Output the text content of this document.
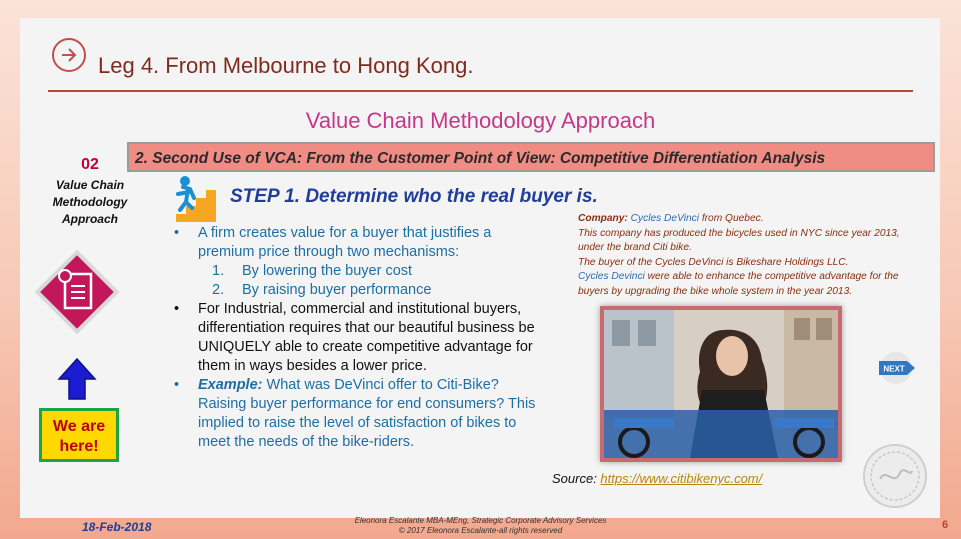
Leg 4. From Melbourne to Hong Kong.
Value Chain Methodology Approach
2. Second Use of VCA: From the Customer Point of View: Competitive Differentiation Analysis
02
Value Chain
Methodology
Approach
We are
here!
STEP 1. Determine who the real buyer is.
• A firm creates value for a buyer that justifies a premium price through two mechanisms:
1.	By lowering the buyer cost
2.	By raising buyer performance
• For Industrial, commercial and institutional buyers, differentiation requires that our beautiful business be UNIQUELY able to create competitive advantage for them in ways besides a lower price.
• Example: What was DeVinci offer to Citi-Bike? Raising buyer performance for end consumers? This implied to raise the level of satisfaction of bikes to meet the needs of the bike-riders.
Company: Cycles DeVinci from Quebec.
This company has produced the bicycles used in NYC since year 2013, under the brand Citi bike.
The buyer of the Cycles DeVinci is Bikeshare Holdings LLC.
Cycles Devinci were able to enhance the competitive advantage for the buyers by upgrading the bike whole system in the year 2013.
Source: https://www.citibikenyc.com/
NEXT
18-Feb-2018	Eleonora Escalante MBA-MEng, Strategic Corporate Advisory Services
© 2017 Eleonora Escalante-all rights reserved	6
